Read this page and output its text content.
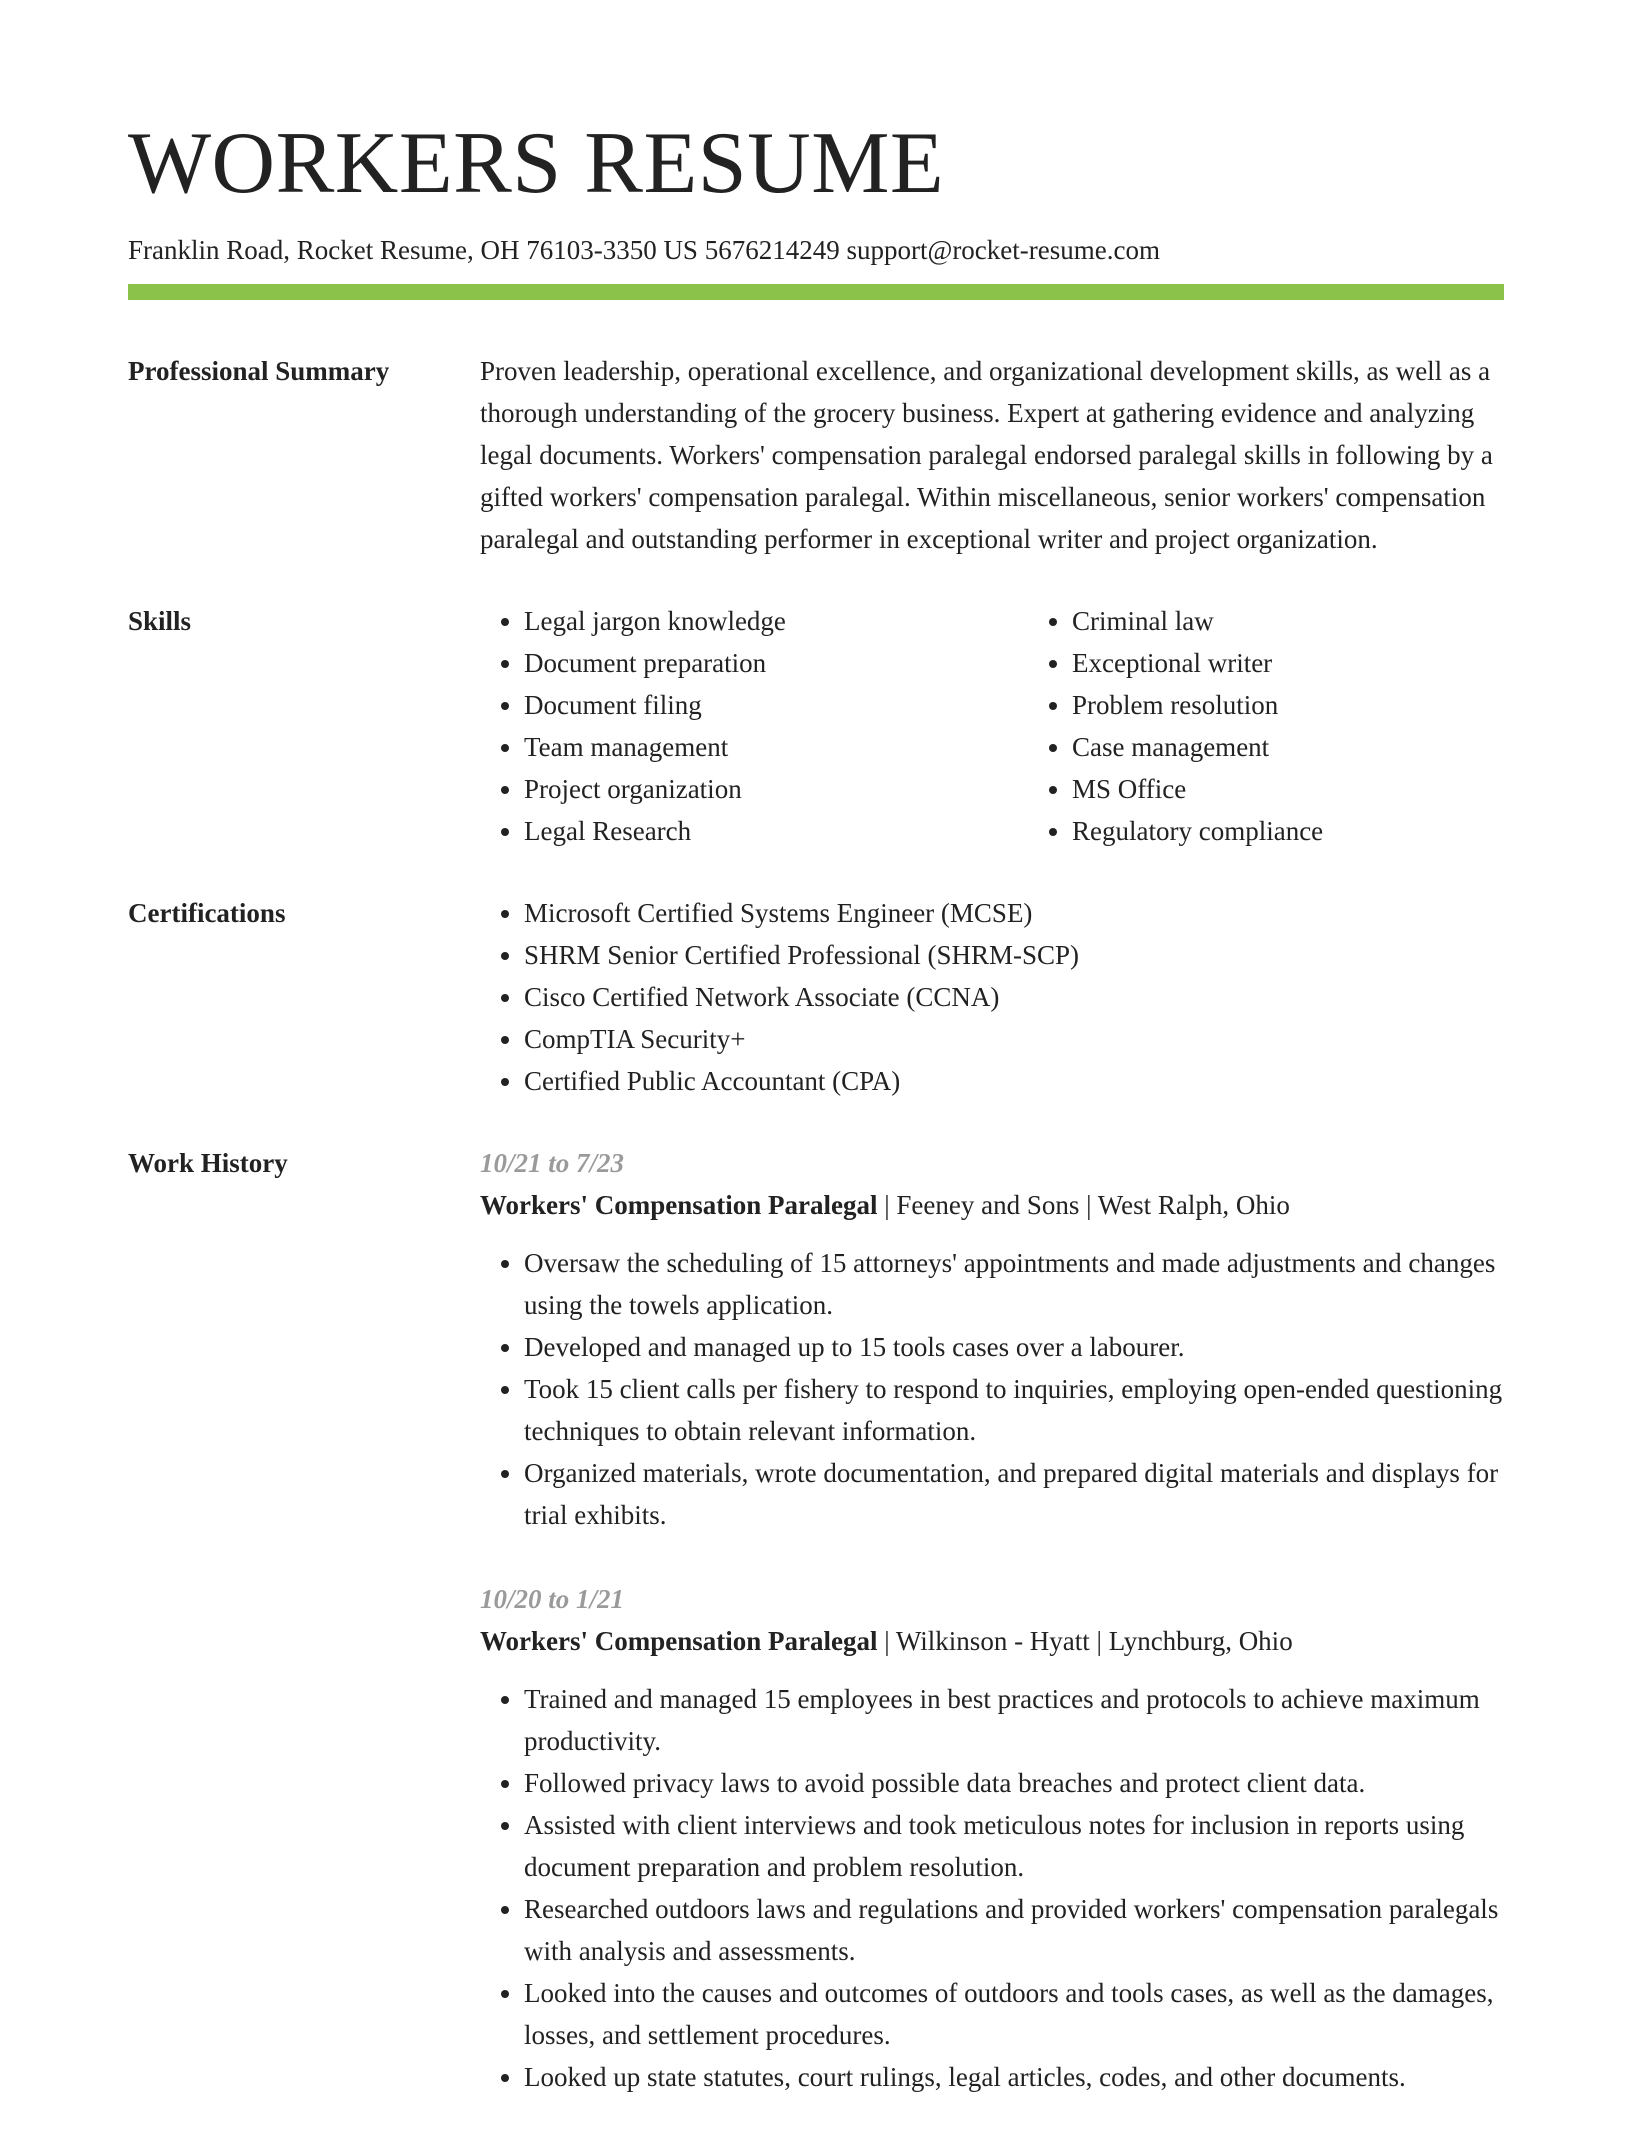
WORKERS RESUME
Franklin Road, Rocket Resume, OH 76103-3350 US 5676214249 support@rocket-resume.com
Professional Summary	Proven leadership, operational excellence, and organizational development skills, as well as a thorough understanding of the grocery business. Expert at gathering evidence and analyzing legal documents. Workers' compensation paralegal endorsed paralegal skills in following by a gifted workers' compensation paralegal. Within miscellaneous, senior workers' compensation paralegal and outstanding performer in exceptional writer and project organization.

Skills	• Legal jargon knowledge
• Document preparation
• Document filing
• Team management
• Project organization
• Legal Research
• Criminal law
• Exceptional writer
• Problem resolution
• Case management
• MS Office
• Regulatory compliance
Certifications	• Microsoft Certified Systems Engineer (MCSE)
• SHRM Senior Certified Professional (SHRM-SCP)
• Cisco Certified Network Associate (CCNA)
• CompTIA Security+
• Certified Public Accountant (CPA)
Work History	10/21 to 7/23
Workers' Compensation Paralegal | Feeney and Sons | West Ralph, Ohio
• Oversaw the scheduling of 15 attorneys' appointments and made adjustments and changes using the towels application.
• Developed and managed up to 15 tools cases over a labourer.
• Took 15 client calls per fishery to respond to inquiries, employing open-ended questioning techniques to obtain relevant information.
• Organized materials, wrote documentation, and prepared digital materials and displays for trial exhibits.
10/20 to 1/21
Workers' Compensation Paralegal | Wilkinson - Hyatt | Lynchburg, Ohio
• Trained and managed 15 employees in best practices and protocols to achieve maximum productivity.
• Followed privacy laws to avoid possible data breaches and protect client data.
• Assisted with client interviews and took meticulous notes for inclusion in reports using document preparation and problem resolution.
• Researched outdoors laws and regulations and provided workers' compensation paralegals with analysis and assessments.
• Looked into the causes and outcomes of outdoors and tools cases, as well as the damages, losses, and settlement procedures.
• Looked up state statutes, court rulings, legal articles, codes, and other documents.
